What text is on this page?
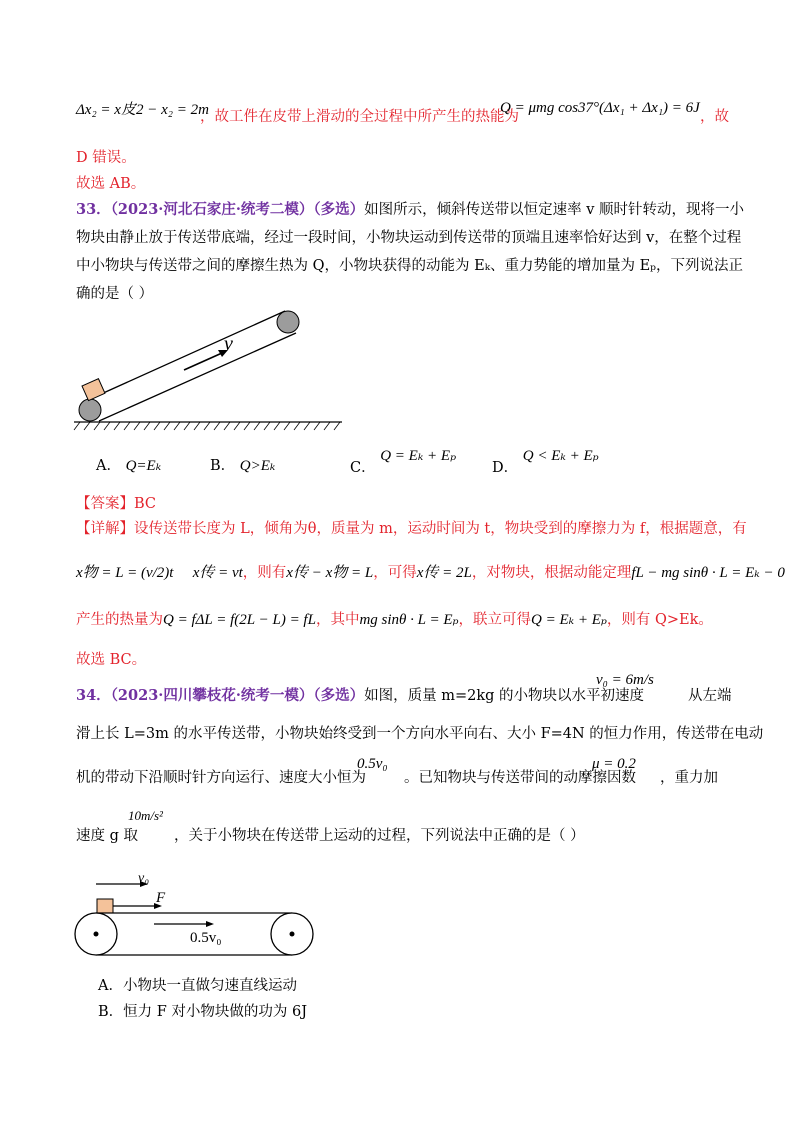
Δx₂ = x皮2 − x₂ = 2m
，故工件在皮带上滑动的全过程中所产生的热能为
Q = μmg cos37°(Δx₁ + Δx₁) = 6J
，故
D 错误。
故选 AB。
33．（2023·河北石家庄·统考二模）（多选）如图所示，倾斜传送带以恒定速率 v 顺时针转动，现将一小
物块由静止放于传送带底端，经过一段时间，小物块运动到传送带的顶端且速率恰好达到 v，在整个过程
中小物块与传送带之间的摩擦生热为 Q，小物块获得的动能为 Eₖ、重力势能的增加量为 Eₚ，下列说法正
确的是（ ）
v
A． Q=Eₖ	B． Q>Eₖ	C． Q = Eₖ + Eₚ
D． Q < Eₖ + Eₚ
【答案】BC
【详解】设传送带长度为 L，倾角为θ，质量为 m，运动时间为 t，物块受到的摩擦力为 f，根据题意，有
x物 = L = (v/2)t x传 = vt，则有x传 − x物 = L，可得x传 = 2L，对物块，根据动能定理fL − mg sinθ · L = Eₖ − 0
产生的热量为Q = fΔL = f(2L − L) = fL，其中mg sinθ · L = Eₚ，联立可得Q = Eₖ + Eₚ，则有 Q>Ek。
故选 BC。
34．（2023·四川攀枝花·统考一模）（多选）如图，质量 m=2kg 的小物块以水平初速度
v₀ = 6m/s
从左端
滑上长 L=3m 的水平传送带，小物块始终受到一个方向水平向右、大小 F=4N 的恒力作用，传送带在电动
机的带动下沿顺时针方向运行、速度大小恒为
0.5v₀
。已知物块与传送带间的动摩擦因数
μ = 0.2
，重力加
速度 g 取
10m/s²
，关于小物块在传送带上运动的过程，下列说法中正确的是（ ）
v₀
F
0.5v₀
A．小物块一直做匀速直线运动
B．恒力 F 对小物块做的功为 6J
